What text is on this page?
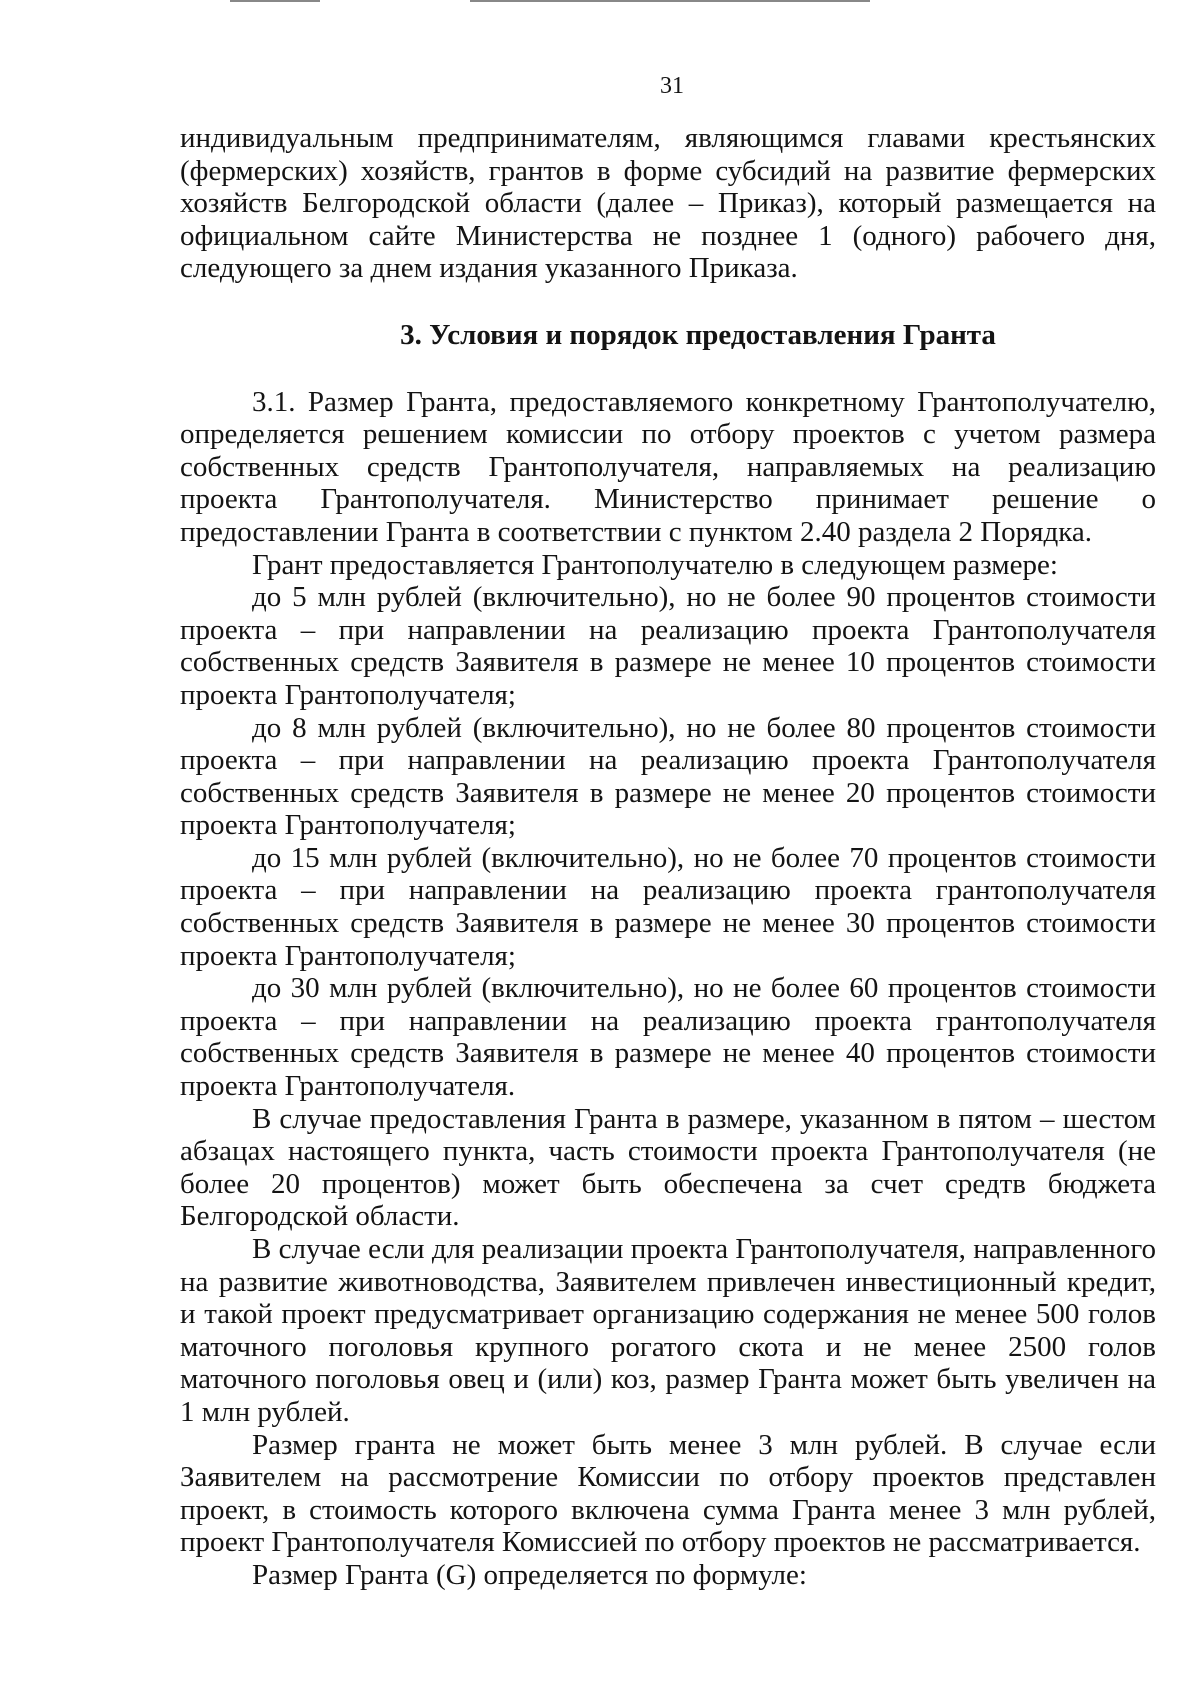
31

индивидуальным предпринимателям, являющимся главами крестьянских (фермерских) хозяйств, грантов в форме субсидий на развитие фермерских хозяйств Белгородской области (далее – Приказ), который размещается на официальном сайте Министерства не позднее 1 (одного) рабочего дня, следующего за днем издания указанного Приказа.

3. Условия и порядок предоставления Гранта

3.1. Размер Гранта, предоставляемого конкретному Грантополучателю, определяется решением комиссии по отбору проектов с учетом размера собственных средств Грантополучателя, направляемых на реализацию проекта Грантополучателя. Министерство принимает решение о предоставлении Гранта в соответствии с пунктом 2.40 раздела 2 Порядка.

Грант предоставляется Грантополучателю в следующем размере:

до 5 млн рублей (включительно), но не более 90 процентов стоимости проекта – при направлении на реализацию проекта Грантополучателя собственных средств Заявителя в размере не менее 10 процентов стоимости проекта Грантополучателя;

до 8 млн рублей (включительно), но не более 80 процентов стоимости проекта – при направлении на реализацию проекта Грантополучателя собственных средств Заявителя в размере не менее 20 процентов стоимости проекта Грантополучателя;

до 15 млн рублей (включительно), но не более 70 процентов стоимости проекта – при направлении на реализацию проекта грантополучателя собственных средств Заявителя в размере не менее 30 процентов стоимости проекта Грантополучателя;

до 30 млн рублей (включительно), но не более 60 процентов стоимости проекта – при направлении на реализацию проекта грантополучателя собственных средств Заявителя в размере не менее 40 процентов стоимости проекта Грантополучателя.

В случае предоставления Гранта в размере, указанном в пятом – шестом абзацах настоящего пункта, часть стоимости проекта Грантополучателя (не более 20 процентов) может быть обеспечена за счет средтв бюджета Белгородской области.

В случае если для реализации проекта Грантополучателя, направленного на развитие животноводства, Заявителем привлечен инвестиционный кредит, и такой проект предусматривает организацию содержания не менее 500 голов маточного поголовья крупного рогатого скота и не менее 2500 голов маточного поголовья овец и (или) коз, размер Гранта может быть увеличен на 1 млн рублей.

Размер гранта не может быть менее 3 млн рублей. В случае если Заявителем на рассмотрение Комиссии по отбору проектов представлен проект, в стоимость которого включена сумма Гранта менее 3 млн рублей, проект Грантополучателя Комиссией по отбору проектов не рассматривается.

Размер Гранта (G) определяется по формуле:
